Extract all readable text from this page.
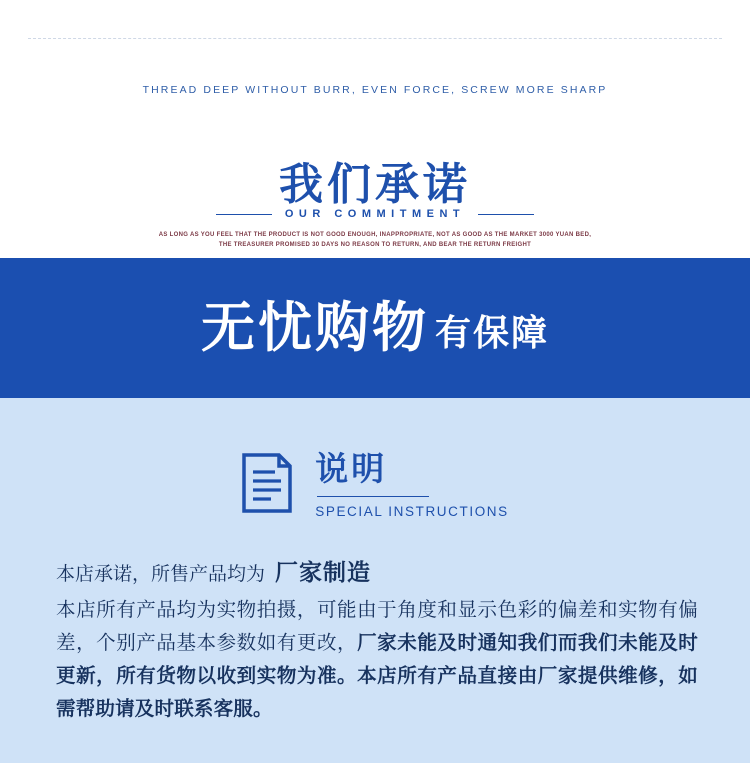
THREAD DEEP WITHOUT BURR, EVEN FORCE, SCREW MORE SHARP
我们承诺
OUR COMMITMENT
AS LONG AS YOU FEEL THAT THE PRODUCT IS NOT GOOD ENOUGH, INAPPROPRIATE, NOT AS GOOD AS THE MARKET 3000 YUAN BED,
THE TREASURER PROMISED 30 DAYS NO REASON TO RETURN, AND BEAR THE RETURN FREIGHT
无忧购物 有保障
说明
SPECIAL INSTRUCTIONS
本店承诺，所售产品均为 厂家制造
本店所有产品均为实物拍摄，可能由于角度和显示色彩的偏差和实物有偏差，个别产品基本参数如有更改，厂家未能及时通知我们而我们未能及时更新，所有货物以收到实物为准。本店所有产品直接由厂家提供维修，如需帮助请及时联系客服。
